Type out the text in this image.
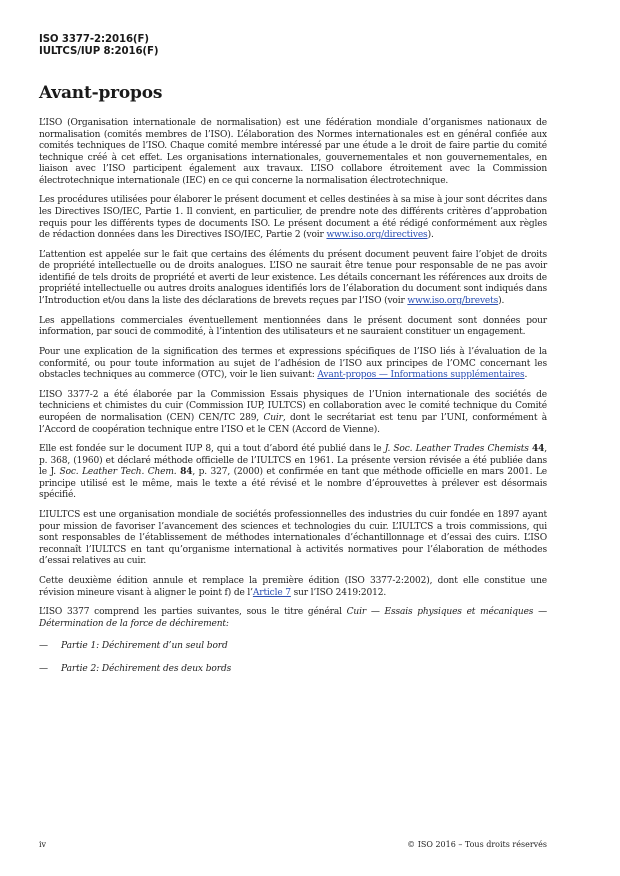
ISO 3377-2:2016(F)
IULTCS/IUP 8:2016(F)
Avant-propos

L’ISO (Organisation internationale de normalisation) est une fédération mondiale d’organismes nationaux de normalisation (comités membres de l’ISO). L’élaboration des Normes internationales est en général confiée aux comités techniques de l’ISO. Chaque comité membre intéressé par une étude a le droit de faire partie du comité technique créé à cet effet. Les organisations internationales, gouvernementales et non gouvernementales, en liaison avec l’ISO participent également aux travaux. L’ISO collabore étroitement avec la Commission électrotechnique internationale (IEC) en ce qui concerne la normalisation électrotechnique.

Les procédures utilisées pour élaborer le présent document et celles destinées à sa mise à jour sont décrites dans les Directives ISO/IEC, Partie 1. Il convient, en particulier, de prendre note des différents critères d’approbation requis pour les différents types de documents ISO. Le présent document a été rédigé conformément aux règles de rédaction données dans les Directives ISO/IEC, Partie 2 (voir www.iso.org/directives).

L’attention est appelée sur le fait que certains des éléments du présent document peuvent faire l’objet de droits de propriété intellectuelle ou de droits analogues. L’ISO ne saurait être tenue pour responsable de ne pas avoir identifié de tels droits de propriété et averti de leur existence. Les détails concernant les références aux droits de propriété intellectuelle ou autres droits analogues identifiés lors de l’élaboration du document sont indiqués dans l’Introduction et/ou dans la liste des déclarations de brevets reçues par l’ISO (voir www.iso.org/brevets).

Les appellations commerciales éventuellement mentionnées dans le présent document sont données pour information, par souci de commodité, à l’intention des utilisateurs et ne sauraient constituer un engagement.

Pour une explication de la signification des termes et expressions spécifiques de l’ISO liés à l’évaluation de la conformité, ou pour toute information au sujet de l’adhésion de l’ISO aux principes de l’OMC concernant les obstacles techniques au commerce (OTC), voir le lien suivant: Avant-propos — Informations supplémentaires.

L’ISO 3377-2 a été élaborée par la Commission Essais physiques de l’Union internationale des sociétés de techniciens et chimistes du cuir (Commission IUP, IULTCS) en collaboration avec le comité technique du Comité européen de normalisation (CEN) CEN/TC 289, Cuir, dont le secrétariat est tenu par l’UNI, conformément à l’Accord de coopération technique entre l’ISO et le CEN (Accord de Vienne).

Elle est fondée sur le document IUP 8, qui a tout d’abord été publié dans le J. Soc. Leather Trades Chemists 44, p. 368, (1960) et déclaré méthode officielle de l’IULTCS en 1961. La présente version révisée a été publiée dans le J. Soc. Leather Tech. Chem. 84, p. 327, (2000) et confirmée en tant que méthode officielle en mars 2001. Le principe utilisé est le même, mais le texte a été révisé et le nombre d’éprouvettes à prélever est désormais spécifié.

L’IULTCS est une organisation mondiale de sociétés professionnelles des industries du cuir fondée en 1897 ayant pour mission de favoriser l’avancement des sciences et technologies du cuir. L’IULTCS a trois commissions, qui sont responsables de l’établissement de méthodes internationales d’échantillonnage et d’essai des cuirs. L’ISO reconnaît l’IULTCS en tant qu’organisme international à activités normatives pour l’élaboration de méthodes d’essai relatives au cuir.

Cette deuxième édition annule et remplace la première édition (ISO 3377-2:2002), dont elle constitue une révision mineure visant à aligner le point f) de l’Article 7 sur l’ISO 2419:2012.

L’ISO 3377 comprend les parties suivantes, sous le titre général Cuir — Essais physiques et mécaniques — Détermination de la force de déchirement:

— Partie 1: Déchirement d’un seul bord
— Partie 2: Déchirement des deux bords
iv	© ISO 2016 – Tous droits réservés
